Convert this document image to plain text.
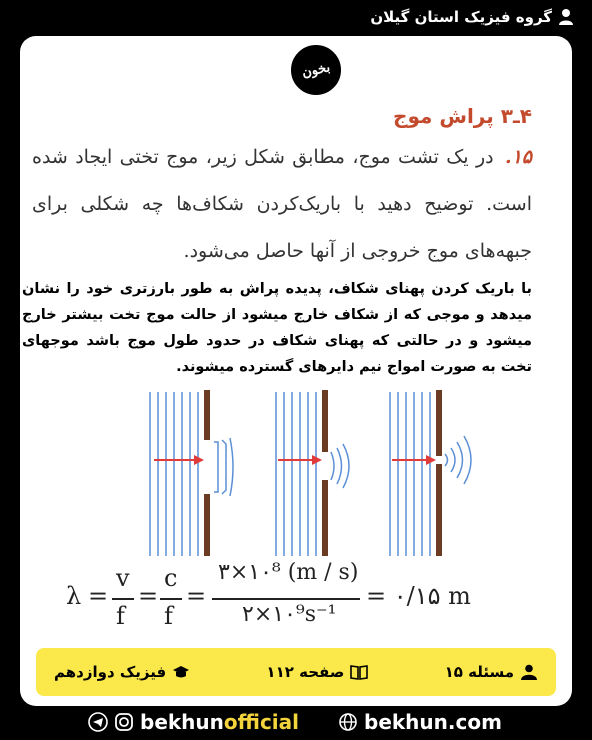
گروه فیزیک استان گیلان
بخون
۴ـ۳ پراش موج
۱۵. در یک تشت موج، مطابق شکل زیر، موج تختی ایجاد شده است. توضیح دهید با باریک‌کردن شکاف‌ها چه شکلی برای جبهه‌های موج خروجی از آنها حاصل می‌شود.
با باریک کردن پهنای شکاف، پدیده پراش به طور بارزتری خود را نشان میدهد و موجی که از شکاف خارج میشود از حالت موج تخت بیشتر خارج میشود و در حالتی که پهنای شکاف در حدود طول موج باشد موجهای تخت به صورت امواج نیم دایرهای گسترده میشوند.
λ =
v
f
=
c
f
=
۳×۱۰⁸ (m / s)
۲×۱۰⁹s⁻¹
= ۰/۱۵ m
مسئله ۱۵
صفحه ۱۱۲
فیزیک دوازدهم
bekhunofficial	bekhun.com
